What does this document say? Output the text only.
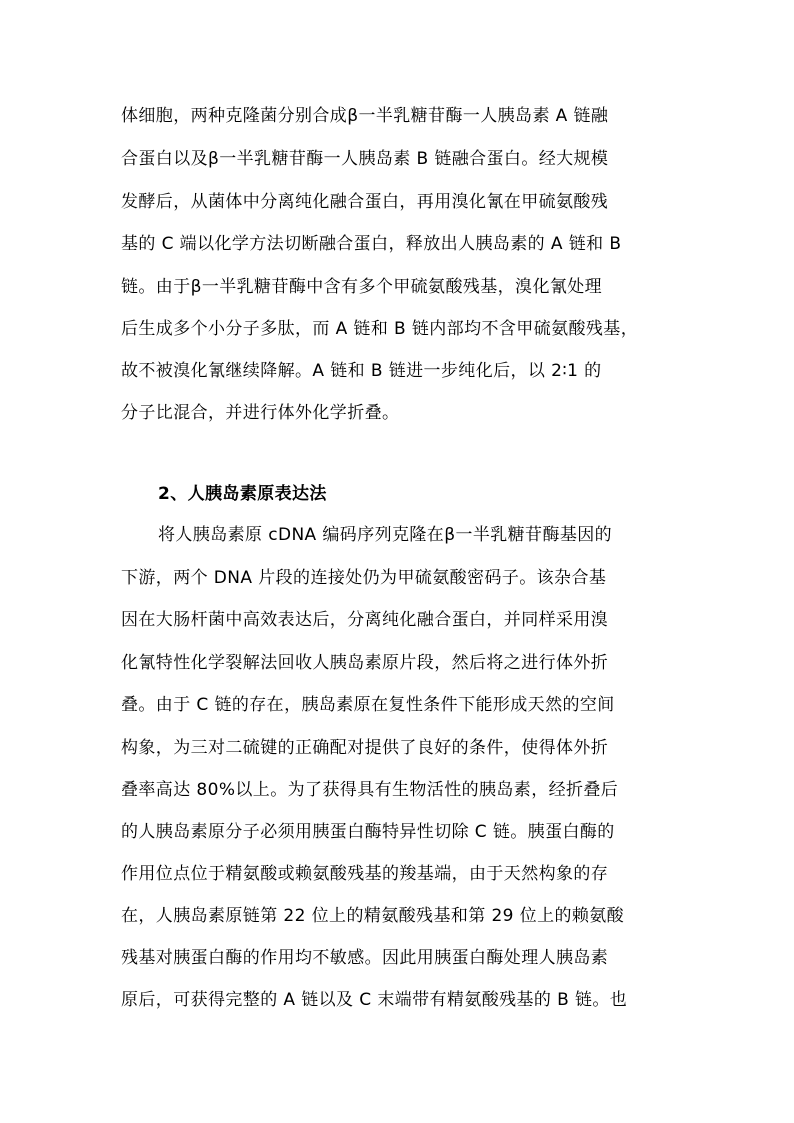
体细胞，两种克隆菌分别合成β一半乳糖苷酶一人胰岛素 A 链融
合蛋白以及β一半乳糖苷酶一人胰岛素 B 链融合蛋白。经大规模
发酵后，从菌体中分离纯化融合蛋白，再用溴化氰在甲硫氨酸残
基的 C 端以化学方法切断融合蛋白，释放出人胰岛素的 A 链和 B
链。由于β一半乳糖苷酶中含有多个甲硫氨酸残基，溴化氰处理
后生成多个小分子多肽，而 A 链和 B 链内部均不含甲硫氨酸残基，
故不被溴化氰继续降解。A 链和 B 链进一步纯化后，以 2∶1 的
分子比混合，并进行体外化学折叠。
2、人胰岛素原表达法
将人胰岛素原 cDNA 编码序列克隆在β一半乳糖苷酶基因的
下游，两个 DNA 片段的连接处仍为甲硫氨酸密码子。该杂合基
因在大肠杆菌中高效表达后，分离纯化融合蛋白，并同样采用溴
化氰特性化学裂解法回收人胰岛素原片段，然后将之进行体外折
叠。由于 C 链的存在，胰岛素原在复性条件下能形成天然的空间
构象，为三对二硫键的正确配对提供了良好的条件，使得体外折
叠率高达 80%以上。为了获得具有生物活性的胰岛素，经折叠后
的人胰岛素原分子必须用胰蛋白酶特异性切除 C 链。胰蛋白酶的
作用位点位于精氨酸或赖氨酸残基的羧基端，由于天然构象的存
在，人胰岛素原链第 22 位上的精氨酸残基和第 29 位上的赖氨酸
残基对胰蛋白酶的作用均不敏感。因此用胰蛋白酶处理人胰岛素
原后，可获得完整的 A 链以及 C 末端带有精氨酸残基的 B 链。也
